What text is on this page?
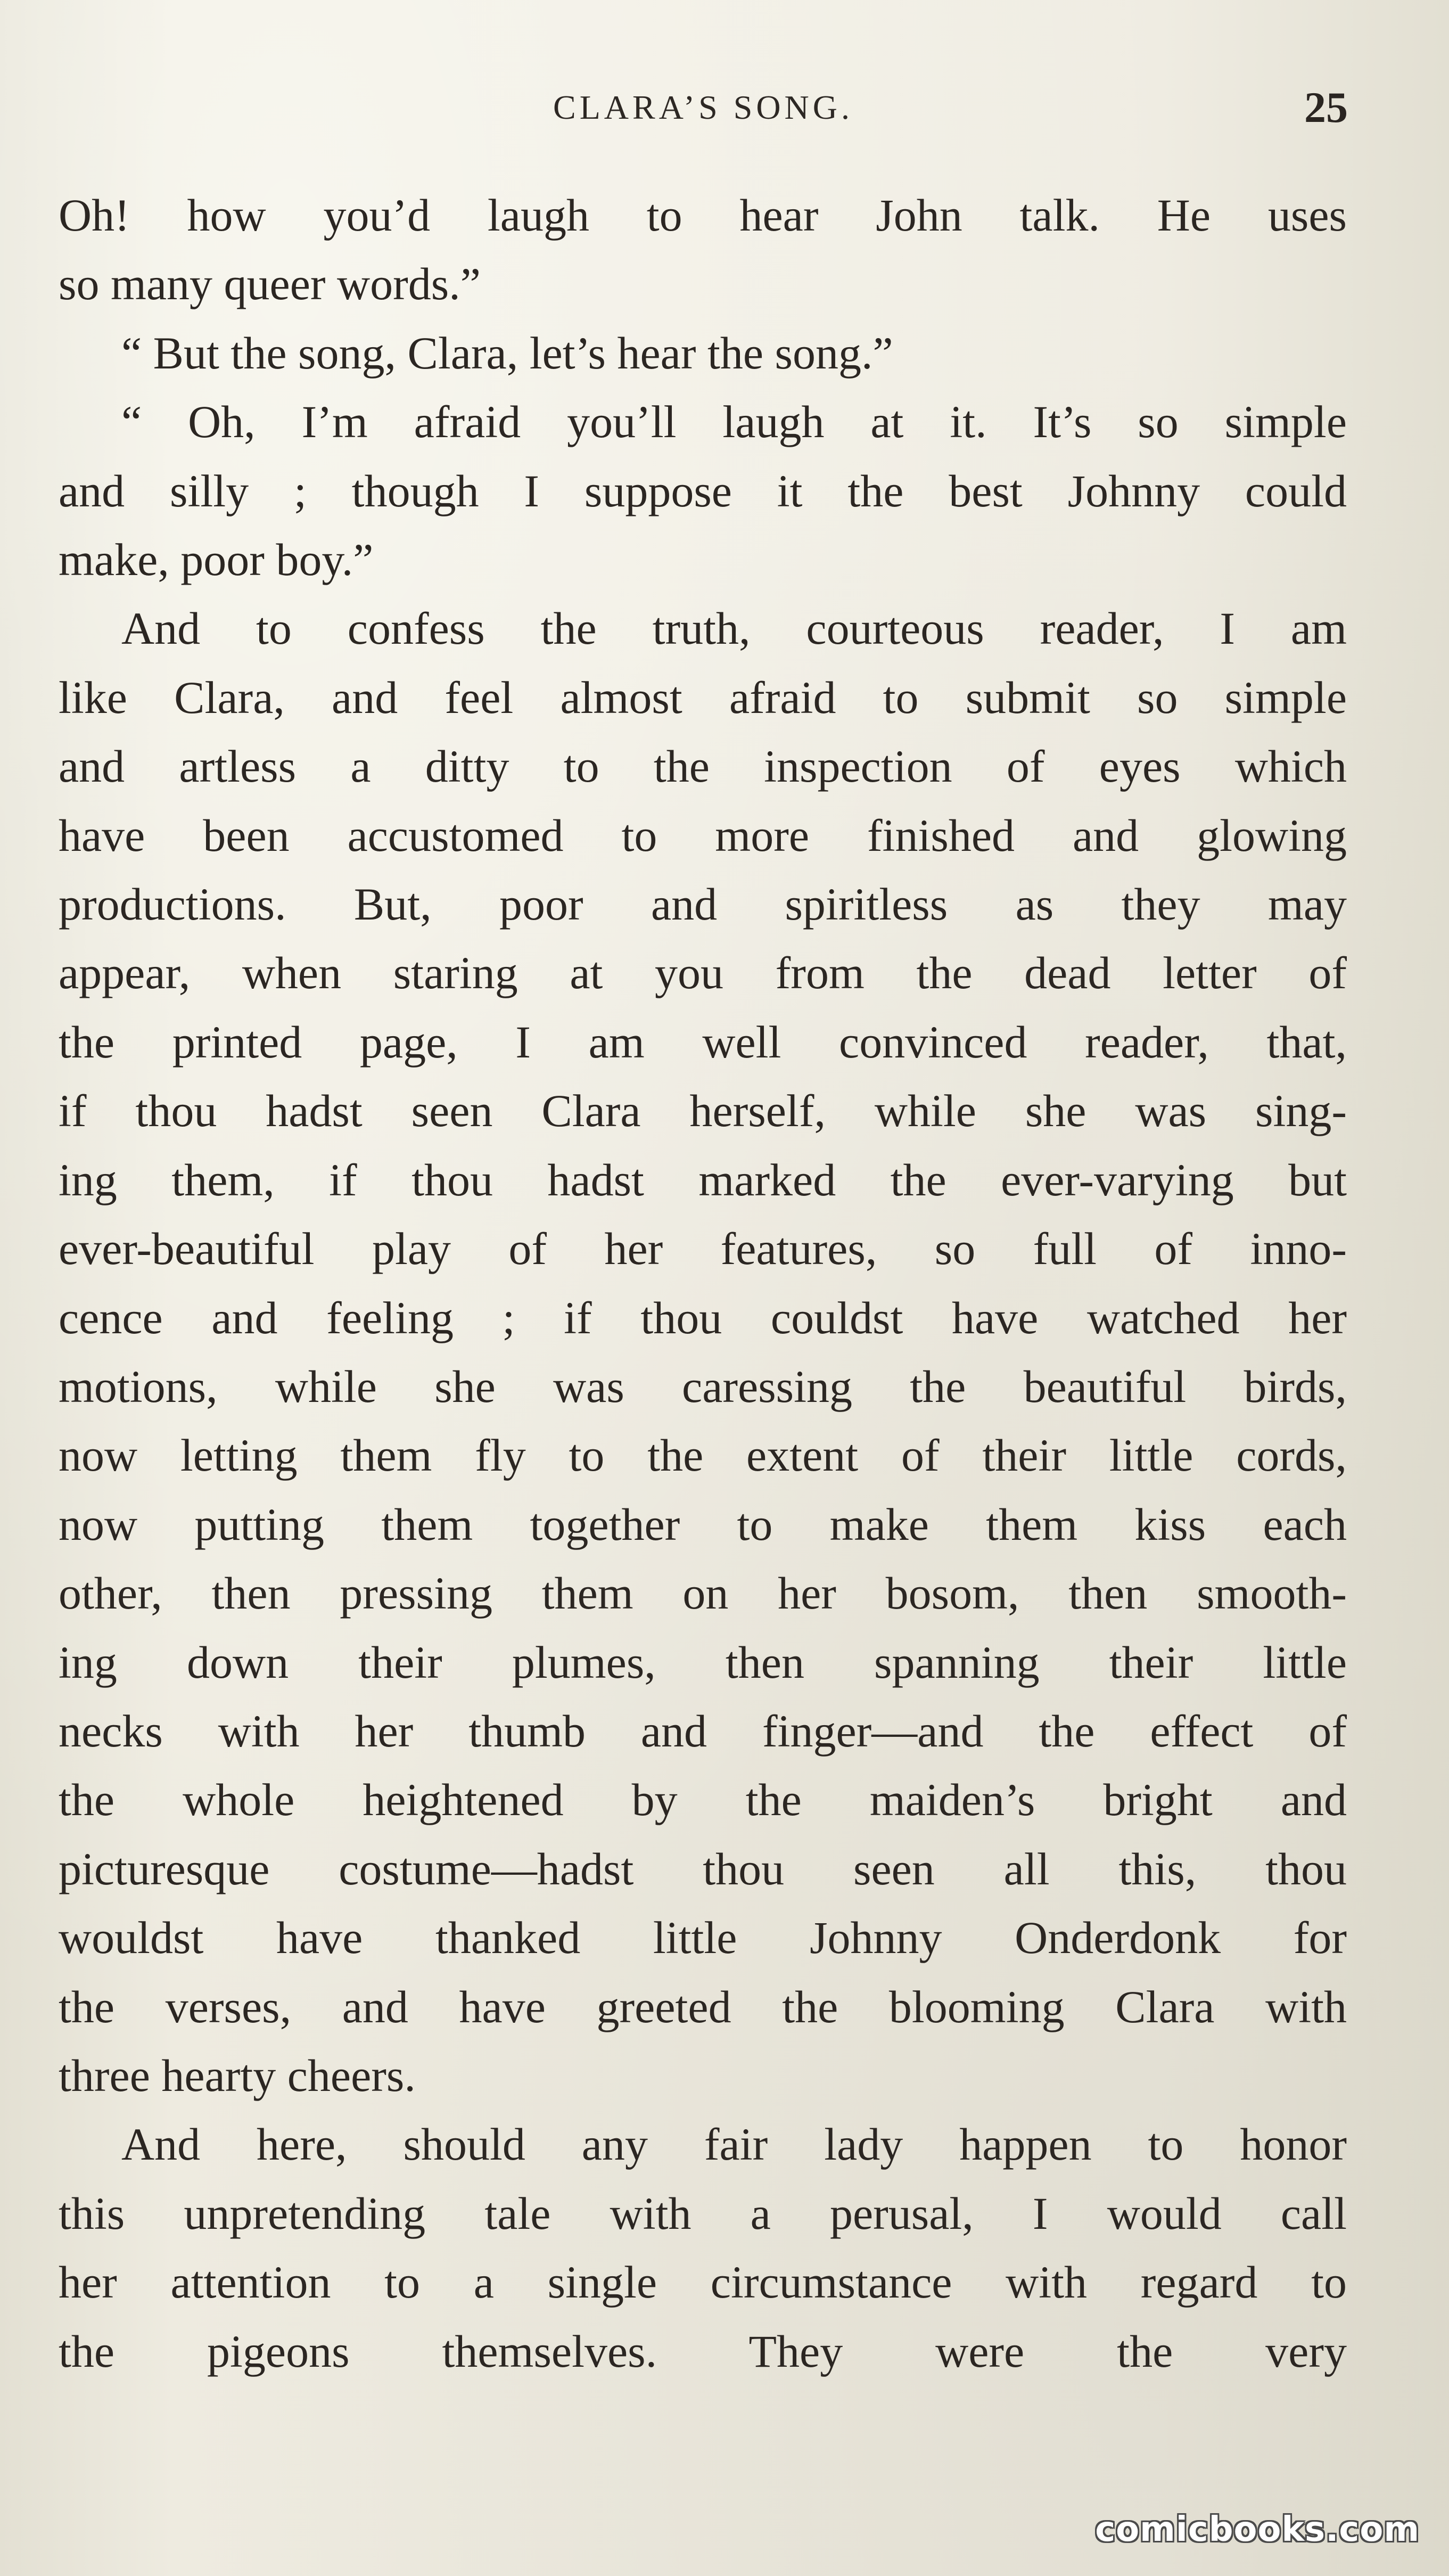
CLARA’S SONG.	25
Oh! how you’d laugh to hear John talk. He uses
so many queer words.”
“ But the song, Clara, let’s hear the song.”
“ Oh, I’m afraid you’ll laugh at it. It’s so simple
and silly ; though I suppose it the best Johnny could
make, poor boy.”
And to confess the truth, courteous reader, I am
like Clara, and feel almost afraid to submit so simple
and artless a ditty to the inspection of eyes which
have been accustomed to more finished and glowing
productions. But, poor and spiritless as they may
appear, when staring at you from the dead letter of
the printed page, I am well convinced reader, that,
if thou hadst seen Clara herself, while she was sing-
ing them, if thou hadst marked the ever-varying but
ever-beautiful play of her features, so full of inno-
cence and feeling ; if thou couldst have watched her
motions, while she was caressing the beautiful birds,
now letting them fly to the extent of their little cords,
now putting them together to make them kiss each
other, then pressing them on her bosom, then smooth-
ing down their plumes, then spanning their little
necks with her thumb and finger—and the effect of
the whole heightened by the maiden’s bright and
picturesque costume—hadst thou seen all this, thou
wouldst have thanked little Johnny Onderdonk for
the verses, and have greeted the blooming Clara with
three hearty cheers.
And here, should any fair lady happen to honor
this unpretending tale with a perusal, I would call
her attention to a single circumstance with regard to
the pigeons themselves. They were the very
comicbooks.com
